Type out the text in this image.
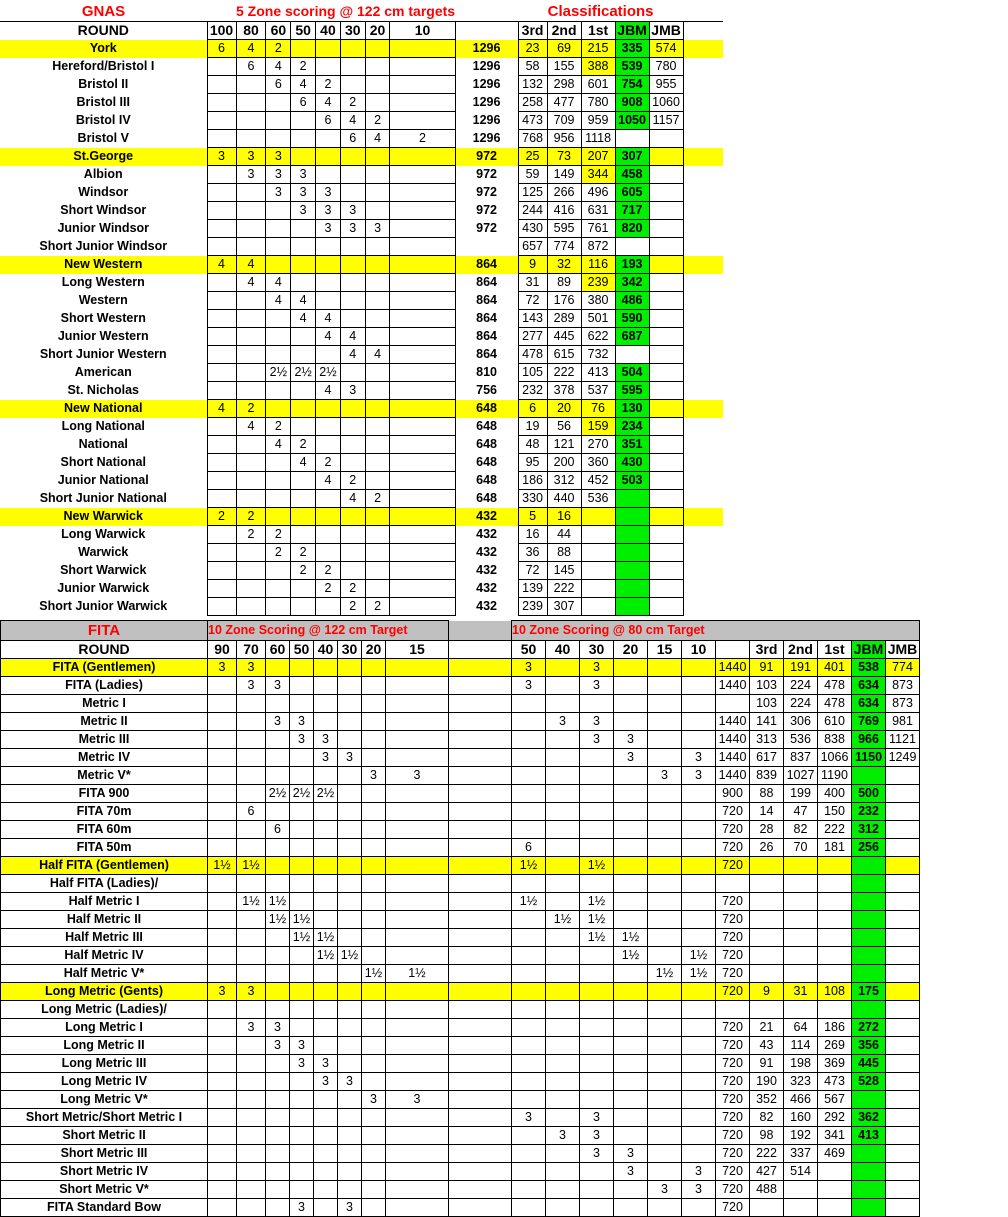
GNAS		5 Zone scoring @ 122 cm targets								Classifications					
ROUND	100	80	60	50	40	30	20	10		3rd	2nd	1st	JBM	JMB	
York	6	4	2						1296	23	69	215	335	574	
Hereford/Bristol I		6	4	2					1296	58	155	388	539	780	
Bristol II			6	4	2				1296	132	298	601	754	955	
Bristol III				6	4	2			1296	258	477	780	908	1060	
Bristol IV					6	4	2		1296	473	709	959	1050	1157	
Bristol V						6	4	2	1296	768	956	1118			
St.George	3	3	3						972	25	73	207	307		
Albion		3	3	3					972	59	149	344	458		
Windsor			3	3	3				972	125	266	496	605		
Short Windsor				3	3	3			972	244	416	631	717		
Junior Windsor					3	3	3		972	430	595	761	820		
Short Junior Windsor										657	774	872			
New Western	4	4							864	9	32	116	193		
Long Western		4	4						864	31	89	239	342		
Western			4	4					864	72	176	380	486		
Short Western				4	4				864	143	289	501	590		
Junior Western					4	4			864	277	445	622	687		
Short Junior Western						4	4		864	478	615	732			
American			2½	2½	2½				810	105	222	413	504		
St. Nicholas					4	3			756	232	378	537	595		
New National	4	2							648	6	20	76	130		
Long National		4	2						648	19	56	159	234		
National			4	2					648	48	121	270	351		
Short National				4	2				648	95	200	360	430		
Junior National					4	2			648	186	312	452	503		
Short Junior National						4	2		648	330	440	536			
New Warwick	2	2							432	5	16				
Long Warwick		2	2						432	16	44				
Warwick			2	2					432	36	88				
Short Warwick				2	2				432	72	145				
Junior Warwick					2	2			432	139	222				
Short Junior Warwick						2	2		432	239	307				
FITA	10 Zone Scoring @ 122 cm Target									10 Zone Scoring @ 80 cm Target											
ROUND	90	70	60	50	40	30	20	15		50	40	30	20	15	10		3rd	2nd	1st	JBM	JMB
FITA (Gentlemen)	3	3								3		3				1440	91	191	401	538	774
FITA (Ladies)		3	3							3		3				1440	103	224	478	634	873
Metric I																	103	224	478	634	873
Metric II			3	3							3	3				1440	141	306	610	769	981
Metric III				3	3							3	3			1440	313	536	838	966	1121
Metric IV					3	3							3		3	1440	617	837	1066	1150	1249
Metric V*							3	3						3	3	1440	839	1027	1190		
FITA 900			2½	2½	2½											900	88	199	400	500	
FITA 70m		6														720	14	47	150	232	
FITA 60m			6													720	28	82	222	312	
FITA 50m										6						720	26	70	181	256	
Half FITA (Gentlemen)	1½	1½								1½		1½				720					
Half FITA (Ladies)/																					
Half Metric I		1½	1½							1½		1½				720					
Half Metric II			1½	1½							1½	1½				720					
Half Metric III				1½	1½							1½	1½			720					
Half Metric IV					1½	1½							1½		1½	720					
Half Metric V*							1½	1½						1½	1½	720					
Long Metric (Gents)	3	3														720	9	31	108	175	
Long Metric (Ladies)/																					
Long Metric I		3	3													720	21	64	186	272	
Long Metric II			3	3												720	43	114	269	356	
Long Metric III				3	3											720	91	198	369	445	
Long Metric IV					3	3										720	190	323	473	528	
Long Metric V*							3	3								720	352	466	567		
Short Metric/Short Metric I										3		3				720	82	160	292	362	
Short Metric II											3	3				720	98	192	341	413	
Short Metric III												3	3			720	222	337	469		
Short Metric IV													3		3	720	427	514			
Short Metric V*														3	3	720	488				
FITA Standard Bow				3		3										720					
